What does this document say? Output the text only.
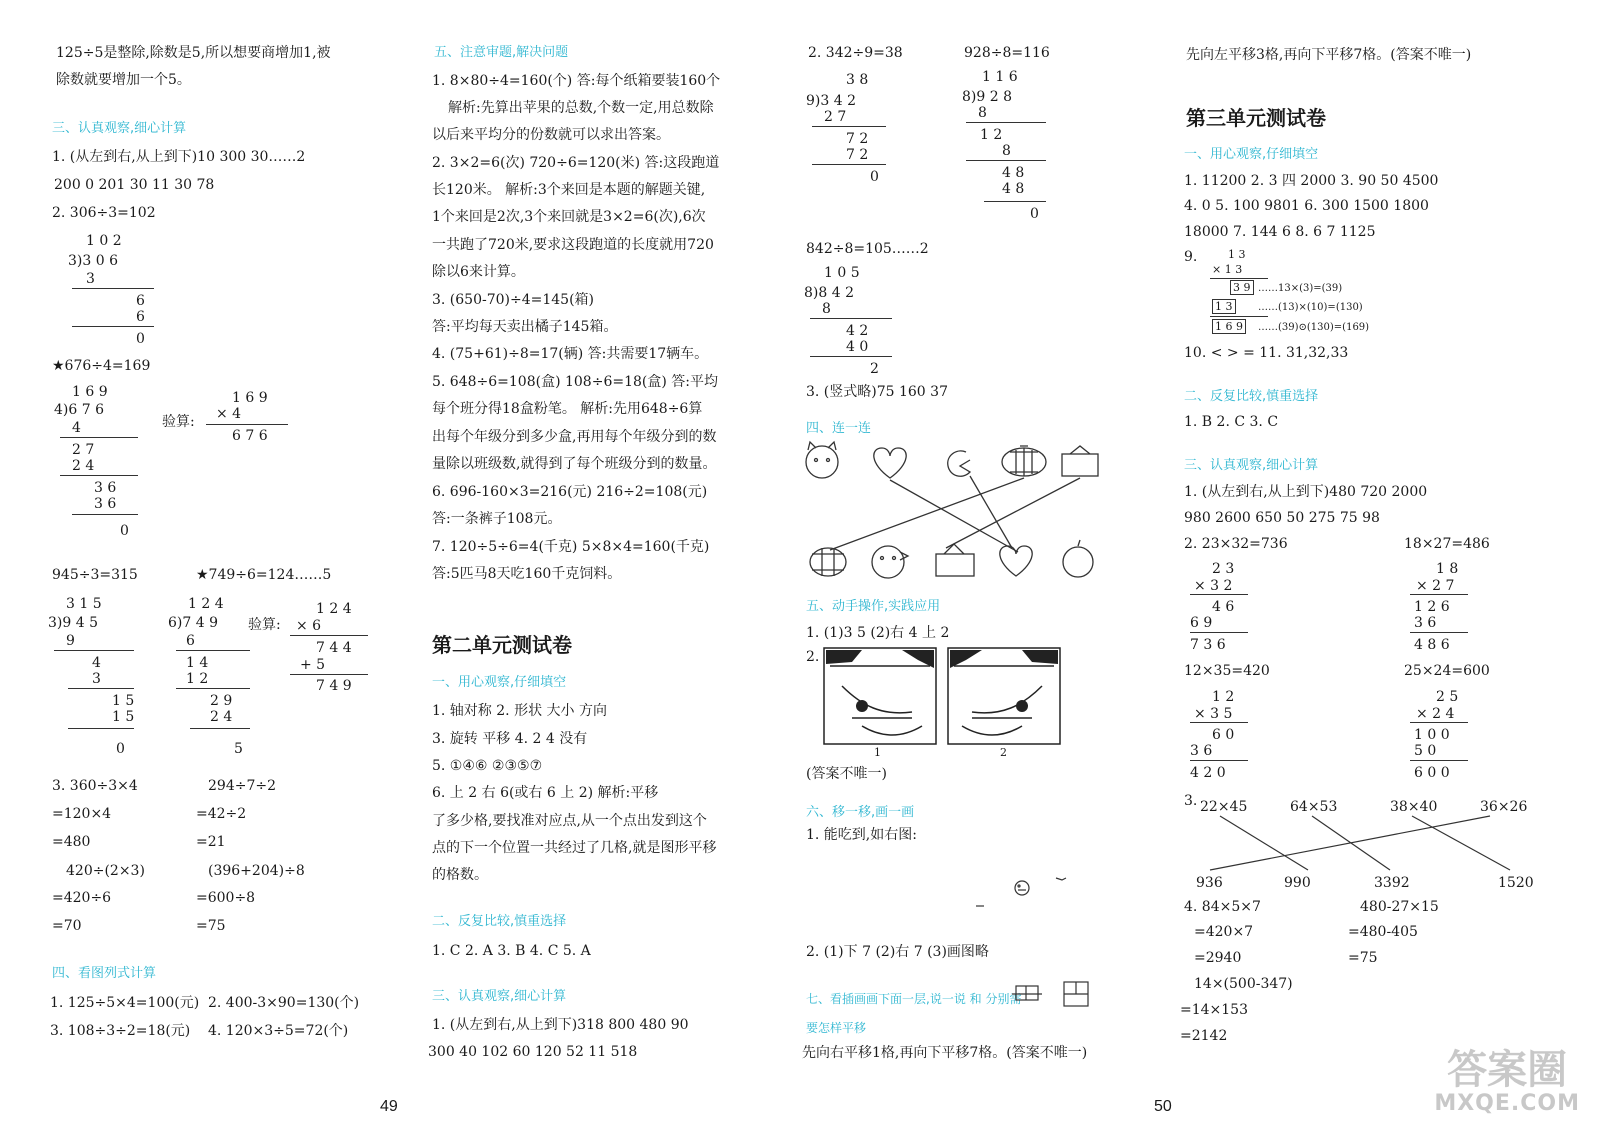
125÷5是整除,除数是5,所以想要商增加1,被
除数就要增加一个5。
三、认真观察,细心计算
1. (从左到右,从上到下)10 300 30……2
200 0 201 30 11 30 78
2. 306÷3=102
1 0 2
3)3 0 6
3
6
6
0
★676÷4=169
1 6 9
4)6 7 6
4
2 7
2 4
3 6
3 6
0
验算:
1 6 9
× 4
6 7 6
945÷3=315
3 1 5
3)9 4 5
9
4
3
1 5
1 5
0
★749÷6=124……5
1 2 4
6)7 4 9
6
1 4
1 2
2 9
2 4
5
验算:
1 2 4
× 6
7 4 4
+ 5
7 4 9
3. 360÷3×4
=120×4
=480
294÷7÷2
=42÷2
=21
420÷(2×3)
=420÷6
=70
(396+204)÷8
=600÷8
=75
四、看图列式计算
1. 125÷5×4=100(元) 2. 400-3×90=130(个)
3. 108÷3÷2=18(元) 4. 120×3÷5=72(个)
五、注意审题,解决问题
1. 8×80÷4=160(个) 答:每个纸箱要装160个
解析:先算出苹果的总数,个数一定,用总数除
以后来平均分的份数就可以求出答案。
2. 3×2=6(次) 720÷6=120(米) 答:这段跑道
长120米。 解析:3个来回是本题的解题关键,
1个来回是2次,3个来回就是3×2=6(次),6次
一共跑了720米,要求这段跑道的长度就用720
除以6来计算。
3. (650-70)÷4=145(箱)
答:平均每天卖出橘子145箱。
4. (75+61)÷8=17(辆) 答:共需要17辆车。
5. 648÷6=108(盒) 108÷6=18(盒) 答:平均
每个班分得18盒粉笔。 解析:先用648÷6算
出每个年级分到多少盒,再用每个年级分到的数
量除以班级数,就得到了每个班级分到的数量。
6. 696-160×3=216(元) 216÷2=108(元)
答:一条裤子108元。
7. 120÷5÷6=4(千克) 5×8×4=160(千克)
答:5匹马8天吃160千克饲料。
第二单元测试卷
一、用心观察,仔细填空
1. 轴对称 2. 形状 大小 方向
3. 旋转 平移 4. 2 4 没有
5. ①④⑥ ②③⑤⑦
6. 上 2 右 6(或右 6 上 2) 解析:平移
了多少格,要找准对应点,从一个点出发到这个
点的下一个位置一共经过了几格,就是图形平移
的格数。
二、反复比较,慎重选择
1. C 2. A 3. B 4. C 5. A
三、认真观察,细心计算
1. (从左到右,从上到下)318 800 480 90
300 40 102 60 120 52 11 518
49
2. 342÷9=38
3 8
9)3 4 2
2 7
7 2
7 2
0
928÷8=116
1 1 6
8)9 2 8
8
1 2
8
4 8
4 8
0
842÷8=105……2
1 0 5
8)8 4 2
8
4 2
4 0
2
3. (竖式略)75 160 37
四、连一连
五、动手操作,实践应用
1. (1)3 5 (2)右 4 上 2
2.
1	2
(答案不唯一)
六、移一移,画一画
1. 能吃到,如右图:
2. (1)下 7 (2)右 7 (3)画图略
七、看插画画下面一层,说一说 和 分别需
要怎样平移
先向右平移1格,再向下平移7格。(答案不唯一)
50
先向左平移3格,再向下平移7格。(答案不唯一)
第三单元测试卷
一、用心观察,仔细填空
1. 11200 2. 3 四 2000 3. 90 50 4500
4. 0 5. 100 9801 6. 300 1500 1800
18000 7. 144 6 8. 6 7 1125
9.	1 3
× 1 3
3 9
1 3
1 6 9
……13×(3)=(39)
……(13)×(10)=(130)
……(39)⊙(130)=(169)
10. < > = 11. 31,32,33
二、反复比较,慎重选择
1. B 2. C 3. C
三、认真观察,细心计算
1. (从左到右,从上到下)480 720 2000
980 2600 650 50 275 75 98
2. 23×32=736	18×27=486
2 3
× 3 2
4 6
6 9
7 3 6
1 8
× 2 7
1 2 6
3 6
4 8 6
12×35=420	25×24=600
1 2
× 3 5
6 0
3 6
4 2 0
2 5
× 2 4
1 0 0
5 0
6 0 0
3. 22×45	64×53	38×40	36×26
936	990	3392	1520
4. 84×5×7
=420×7
=2940
480-27×15
=480-405
=75
14×(500-347)
=14×153
=2142
答案圈
MXQE.COM
